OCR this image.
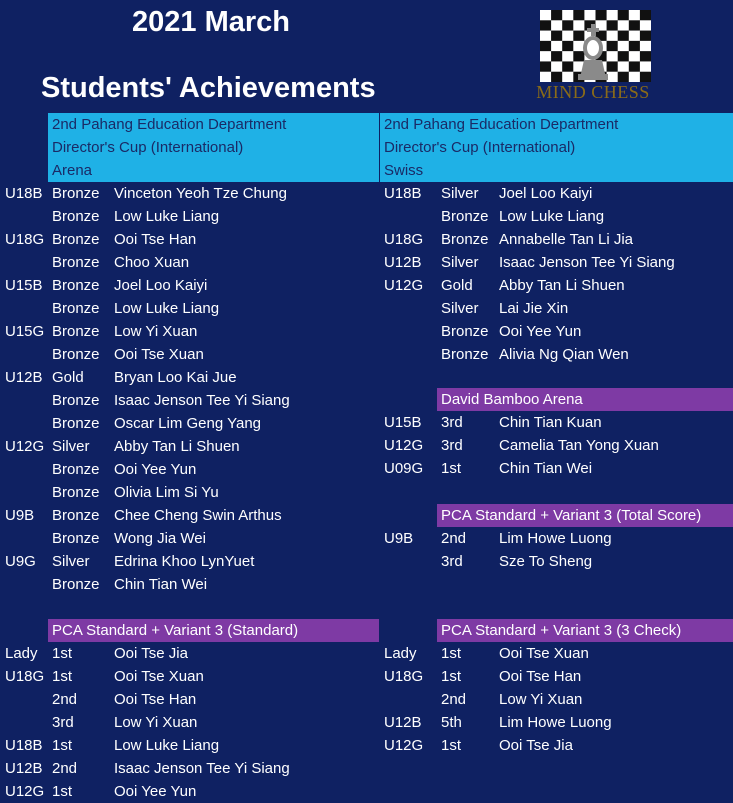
2021 March
Students' Achievements	MIND CHESS
2nd Pahang Education Department
Director's Cup (International)
Arena
2nd Pahang Education Department
Director's Cup (International)
Swiss
David Bamboo Arena
PCA Standard + Variant 3 (Total Score)
PCA Standard + Variant 3 (Standard)	PCA Standard + Variant 3 (3 Check)
U18B Bronze Vinceton Yeoh Tze Chung
Bronze Low Luke Liang
U18G Bronze Ooi Tse Han
Bronze Choo Xuan
U15B Bronze Joel Loo Kaiyi
Bronze Low Luke Liang
U15G Bronze Low Yi Xuan
Bronze Ooi Tse Xuan
U12B Gold Bryan Loo Kai Jue
Bronze Isaac Jenson Tee Yi Siang
Bronze Oscar Lim Geng Yang
U12G Silver Abby Tan Li Shuen
Bronze Ooi Yee Yun
Bronze Olivia Lim Si Yu
U9B Bronze Chee Cheng Swin Arthus
Bronze Wong Jia Wei
U9G Silver Edrina Khoo LynYuet
Bronze Chin Tian Wei
U18B Silver Joel Loo Kaiyi
Bronze Low Luke Liang
U18G Bronze Annabelle Tan Li Jia
U12B Silver Isaac Jenson Tee Yi Siang
U12G Gold Abby Tan Li Shuen
Silver Lai Jie Xin
Bronze Ooi Yee Yun
Bronze Alivia Ng Qian Wen
U15B 3rd Chin Tian Kuan
U12G 3rd Camelia Tan Yong Xuan
U09G 1st	Chin Tian Wei
U9B 2nd Lim Howe Luong
3rd Sze To Sheng
Lady 1st	Ooi Tse Jia
U18G 1st	Ooi Tse Xuan
2nd Ooi Tse Han
3rd	Low Yi Xuan
U18B 1st	Low Luke Liang
U12B 2nd Isaac Jenson Tee Yi Siang
U12G 1st	Ooi Yee Yun
Lady 1st	Ooi Tse Xuan
U18G 1st	Ooi Tse Han
2nd Low Yi Xuan
U12B 5th Lim Howe Luong
U12G 1st	Ooi Tse Jia
